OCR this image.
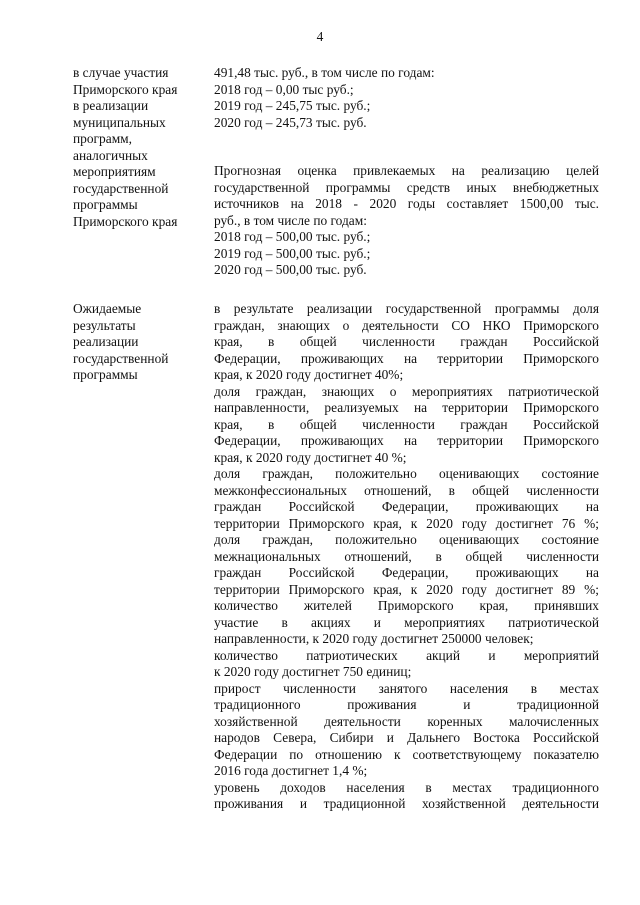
4
в случае участия
Приморского края
в реализации
муниципальных
программ,
аналогичных
мероприятиям
государственной
программы
Приморского края
491,48 тыс. руб., в том числе по годам:
2018 год – 0,00 тыс руб.;
2019 год – 245,75 тыс. руб.;
2020 год – 245,73 тыс. руб.
Прогнозная оценка привлекаемых на реализацию целей
государственной программы средств иных внебюджетных
источников на 2018 - 2020 годы составляет 1500,00 тыс.
руб., в том числе по годам:
2018 год – 500,00 тыс. руб.;
2019 год – 500,00 тыс. руб.;
2020 год – 500,00 тыс. руб.
Ожидаемые
результаты
реализации
государственной
программы
в результате реализации государственной программы доля
граждан, знающих о деятельности СО НКО Приморского
края, в общей численности граждан Российской
Федерации, проживающих на территории Приморского
края, к 2020 году достигнет 40%;
доля граждан, знающих о мероприятиях патриотической
направленности, реализуемых на территории Приморского
края, в общей численности граждан Российской
Федерации, проживающих на территории Приморского
края, к 2020 году достигнет 40 %;
доля граждан, положительно оценивающих состояние
межконфессиональных отношений, в общей численности
граждан Российской Федерации, проживающих на
территории Приморского края, к 2020 году достигнет 76 %;
доля граждан, положительно оценивающих состояние
межнациональных отношений, в общей численности
граждан Российской Федерации, проживающих на
территории Приморского края, к 2020 году достигнет 89 %;
количество жителей Приморского края, принявших
участие в акциях и мероприятиях патриотической
направленности, к 2020 году достигнет 250000 человек;
количество патриотических акций и мероприятий
к 2020 году достигнет 750 единиц;
прирост численности занятого населения в местах
традиционного проживания и традиционной
хозяйственной деятельности коренных малочисленных
народов Севера, Сибири и Дальнего Востока Российской
Федерации по отношению к соответствующему показателю
2016 года достигнет 1,4 %;
уровень доходов населения в местах традиционного
проживания и традиционной хозяйственной деятельности
